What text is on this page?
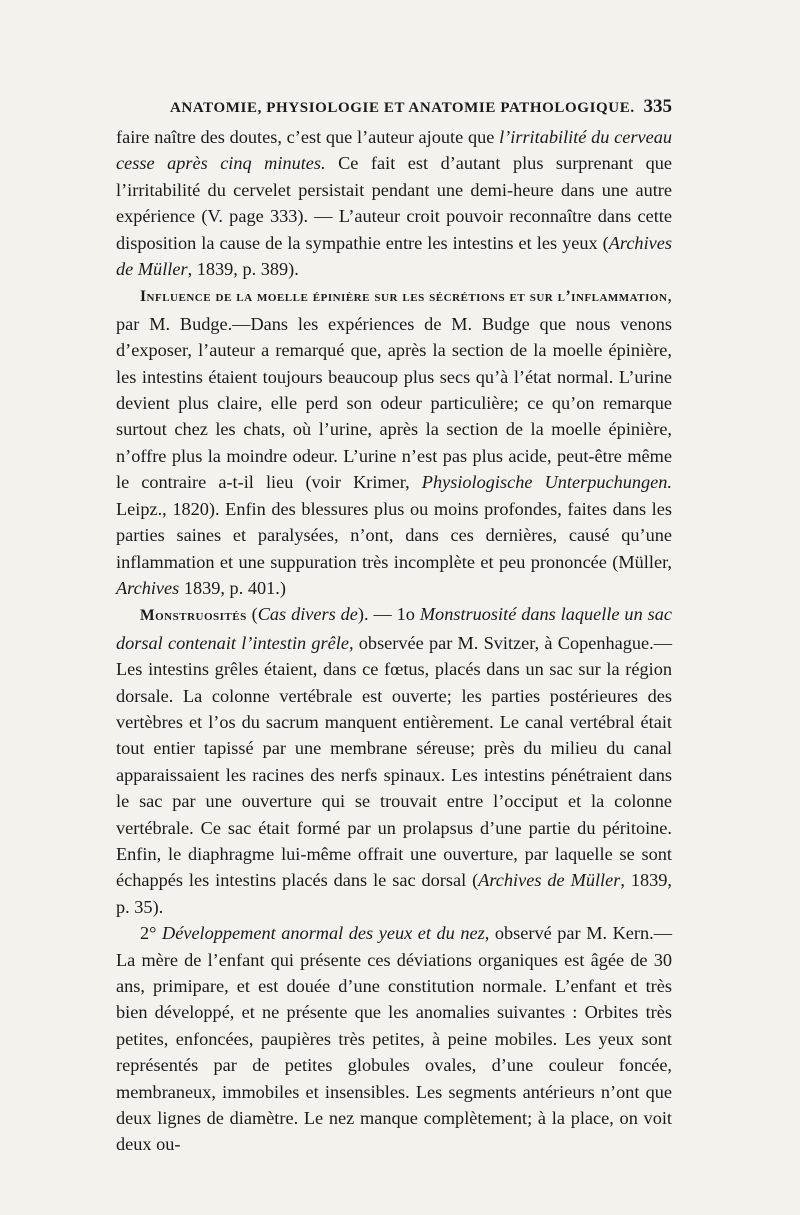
ANATOMIE, PHYSIOLOGIE ET ANATOMIE PATHOLOGIQUE. 335

faire naître des doutes, c’est que l’auteur ajoute que l’irritabilité du cerveau cesse après cinq minutes. Ce fait est d’autant plus surprenant que l’irritabilité du cervelet persistait pendant une demi-heure dans une autre expérience (V. page 333). — L’auteur croit pouvoir reconnaître dans cette disposition la cause de la sympathie entre les intestins et les yeux (Archives de Müller, 1839, p. 389).

Influence de la moelle épinière sur les sécrétions et sur l’inflammation, par M. Budge.—Dans les expériences de M. Budge que nous venons d’exposer, l’auteur a remarqué que, après la section de la moelle épinière, les intestins étaient toujours beaucoup plus secs qu’à l’état normal. L’urine devient plus claire, elle perd son odeur particulière; ce qu’on remarque surtout chez les chats, où l’urine, après la section de la moelle épinière, n’offre plus la moindre odeur. L’urine n’est pas plus acide, peut-être même le contraire a-t-il lieu (voir Krimer, Physiologische Unterpuchungen. Leipz., 1820). Enfin des blessures plus ou moins profondes, faites dans les parties saines et paralysées, n’ont, dans ces dernières, causé qu’une inflammation et une suppuration très incomplète et peu prononcée (Müller, Archives 1839, p. 401.)

Monstruosités (Cas divers de). — 1o Monstruosité dans laquelle un sac dorsal contenait l’intestin grêle, observée par M. Svitzer, à Copenhague.—Les intestins grêles étaient, dans ce fœtus, placés dans un sac sur la région dorsale. La colonne vertébrale est ouverte; les parties postérieures des vertèbres et l’os du sacrum manquent entièrement. Le canal vertébral était tout entier tapissé par une membrane séreuse; près du milieu du canal apparaissaient les racines des nerfs spinaux. Les intestins pénétraient dans le sac par une ouverture qui se trouvait entre l’occiput et la colonne vertébrale. Ce sac était formé par un prolapsus d’une partie du péritoine. Enfin, le diaphragme lui-même offrait une ouverture, par laquelle se sont échappés les intestins placés dans le sac dorsal (Archives de Müller, 1839, p. 35).

2° Développement anormal des yeux et du nez, observé par M. Kern.—La mère de l’enfant qui présente ces déviations organiques est âgée de 30 ans, primipare, et est douée d’une constitution normale. L’enfant et très bien développé, et ne présente que les anomalies suivantes : Orbites très petites, enfoncées, paupières très petites, à peine mobiles. Les yeux sont représentés par de petites globules ovales, d’une couleur foncée, membraneux, immobiles et insensibles. Les segments antérieurs n’ont que deux lignes de diamètre. Le nez manque complètement; à la place, on voit deux ou-
